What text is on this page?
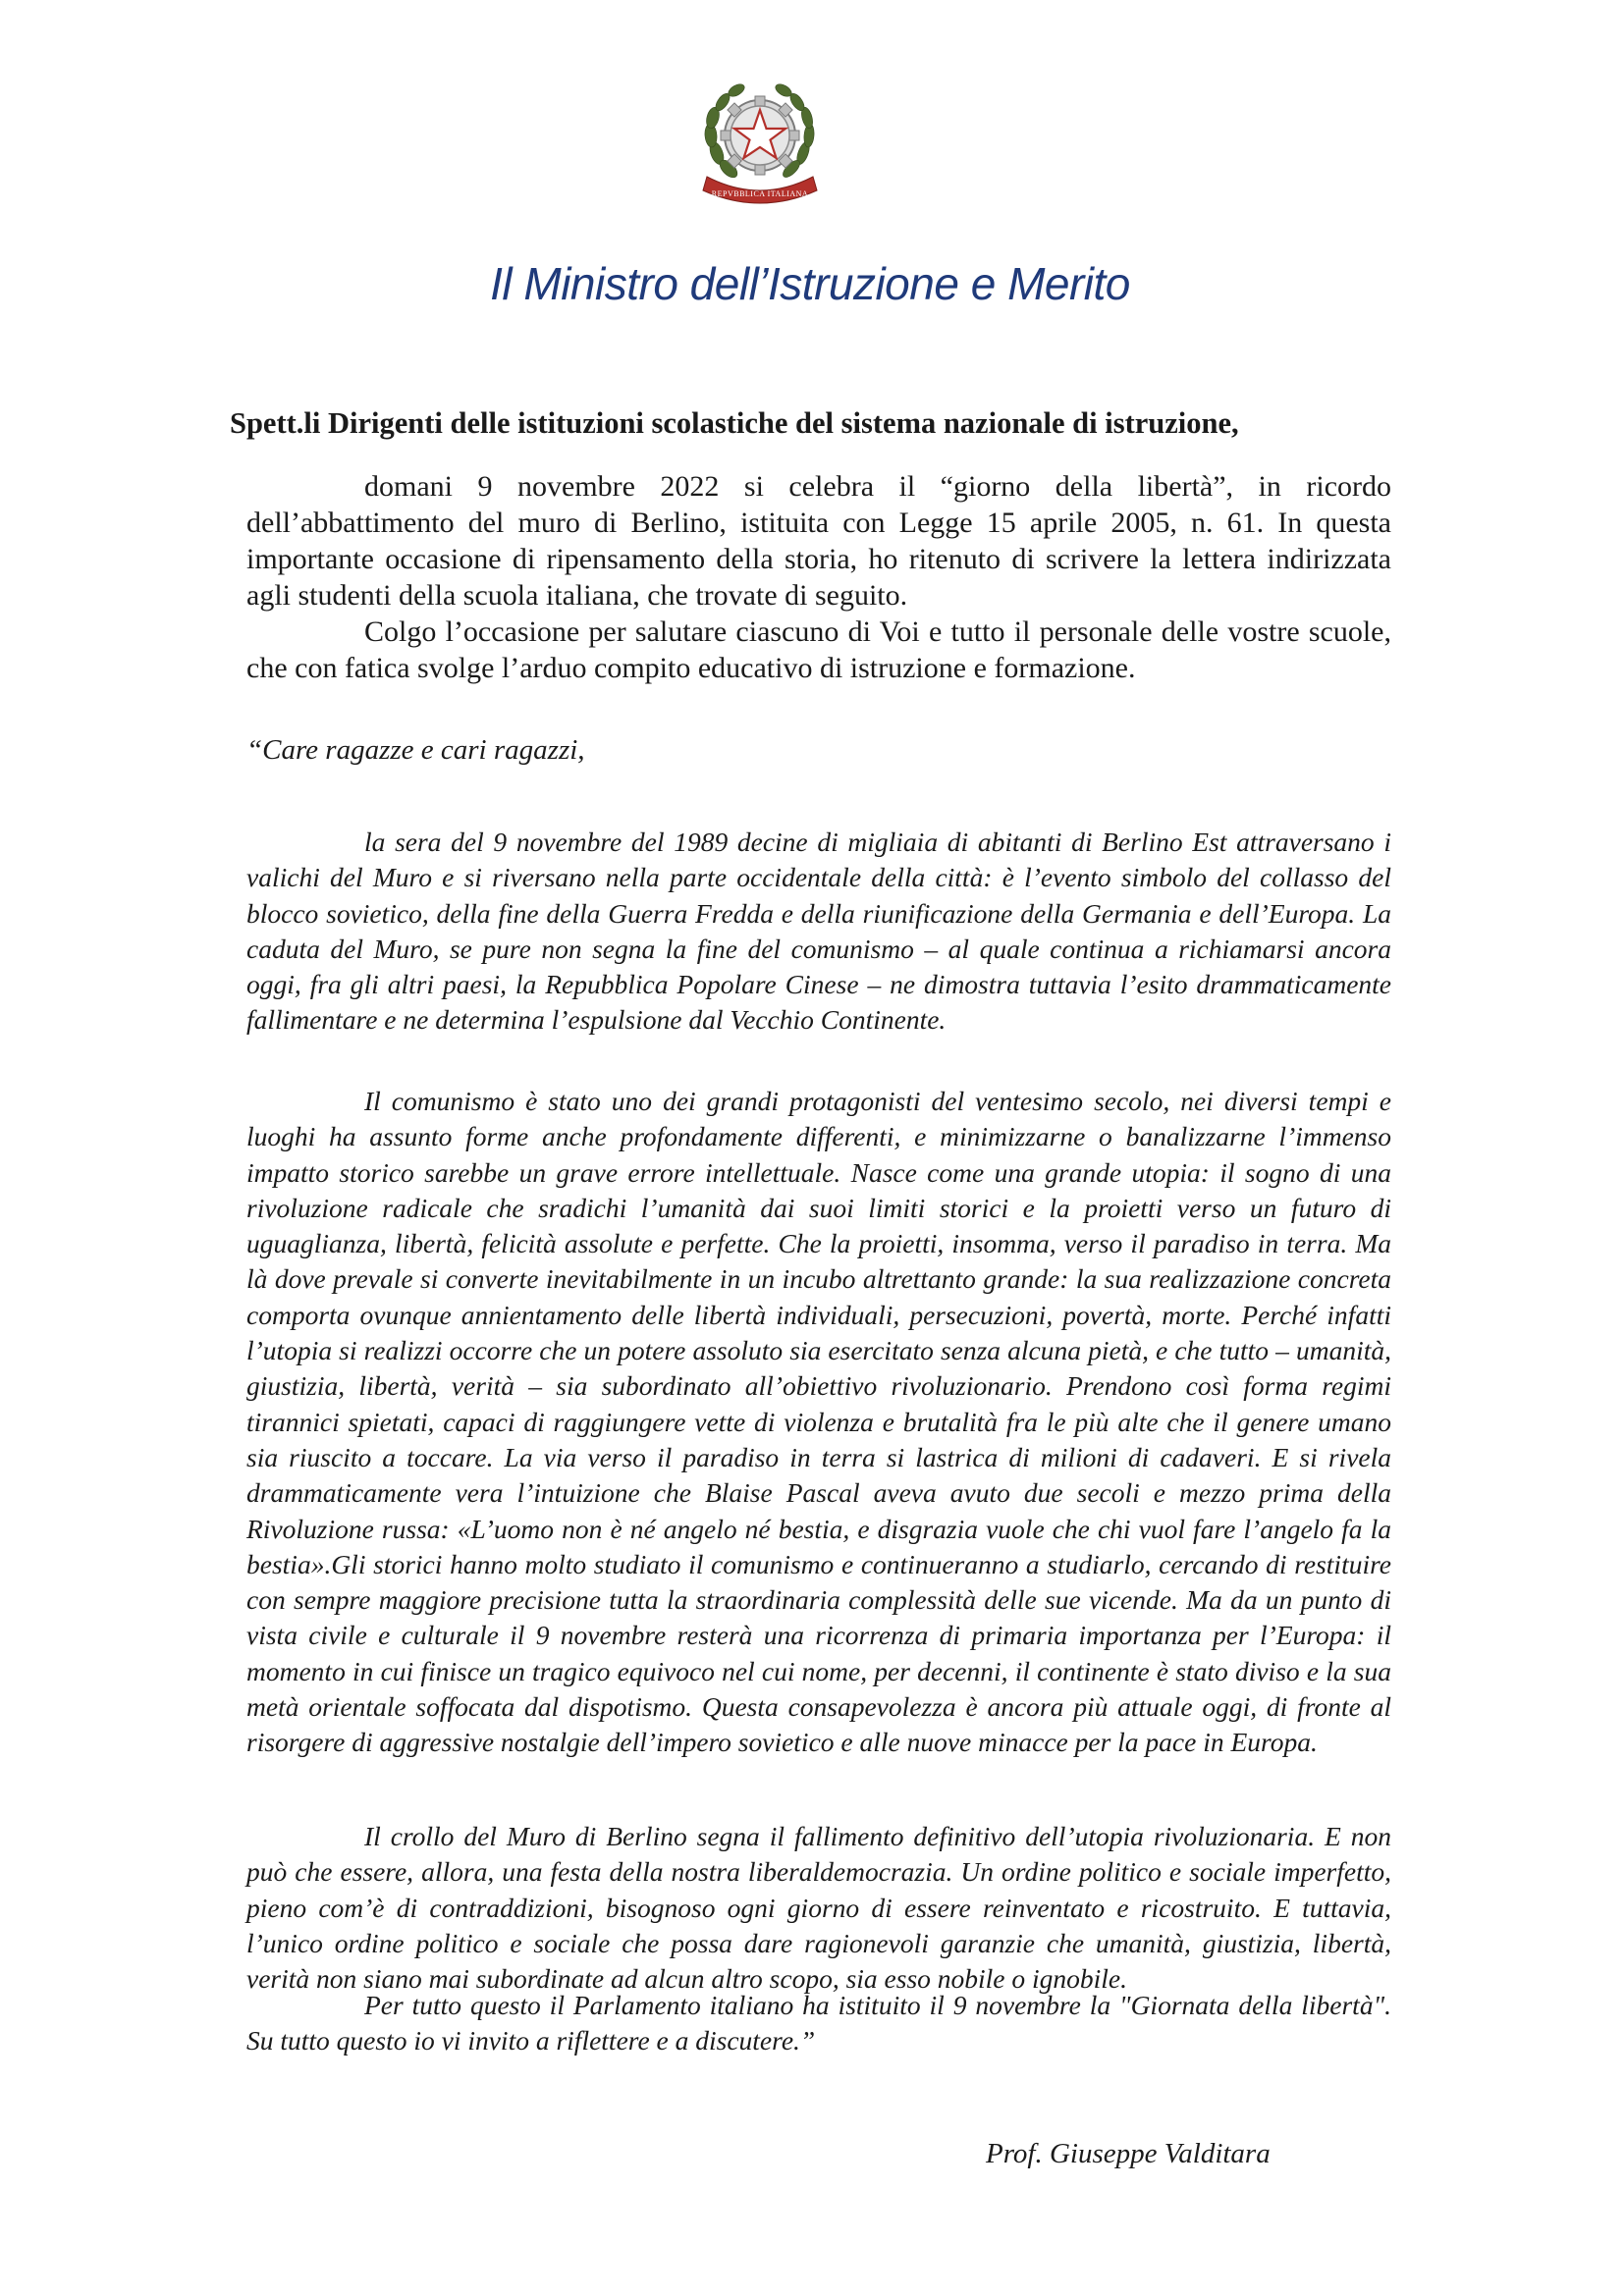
REPVBBLICA ITALIANA
Il Ministro dell’Istruzione e Merito
Spett.li Dirigenti delle istituzioni scolastiche del sistema nazionale di istruzione,

domani 9 novembre 2022 si celebra il “giorno della libertà”, in ricordo dell’abbattimento del muro di Berlino, istituita con Legge 15 aprile 2005, n. 61. In questa importante occasione di ripensamento della storia, ho ritenuto di scrivere la lettera indirizzata agli studenti della scuola italiana, che trovate di seguito.

Colgo l’occasione per salutare ciascuno di Voi e tutto il personale delle vostre scuole, che con fatica svolge l’arduo compito educativo di istruzione e formazione.

“Care ragazze e cari ragazzi,

la sera del 9 novembre del 1989 decine di migliaia di abitanti di Berlino Est attraversano i valichi del Muro e si riversano nella parte occidentale della città: è l’evento simbolo del collasso del blocco sovietico, della fine della Guerra Fredda e della riunificazione della Germania e dell’Europa. La caduta del Muro, se pure non segna la fine del comunismo – al quale continua a richiamarsi ancora oggi, fra gli altri paesi, la Repubblica Popolare Cinese – ne dimostra tuttavia l’esito drammaticamente fallimentare e ne determina l’espulsione dal Vecchio Continente.

Il comunismo è stato uno dei grandi protagonisti del ventesimo secolo, nei diversi tempi e luoghi ha assunto forme anche profondamente differenti, e minimizzarne o banalizzarne l’immenso impatto storico sarebbe un grave errore intellettuale. Nasce come una grande utopia: il sogno di una rivoluzione radicale che sradichi l’umanità dai suoi limiti storici e la proietti verso un futuro di uguaglianza, libertà, felicità assolute e perfette. Che la proietti, insomma, verso il paradiso in terra. Ma là dove prevale si converte inevitabilmente in un incubo altrettanto grande: la sua realizzazione concreta comporta ovunque annientamento delle libertà individuali, persecuzioni, povertà, morte. Perché infatti l’utopia si realizzi occorre che un potere assoluto sia esercitato senza alcuna pietà, e che tutto – umanità, giustizia, libertà, verità – sia subordinato all’obiettivo rivoluzionario. Prendono così forma regimi tirannici spietati, capaci di raggiungere vette di violenza e brutalità fra le più alte che il genere umano sia riuscito a toccare. La via verso il paradiso in terra si lastrica di milioni di cadaveri. E si rivela drammaticamente vera l’intuizione che Blaise Pascal aveva avuto due secoli e mezzo prima della Rivoluzione russa: «L’uomo non è né angelo né bestia, e disgrazia vuole che chi vuol fare l’angelo fa la bestia».Gli storici hanno molto studiato il comunismo e continueranno a studiarlo, cercando di restituire con sempre maggiore precisione tutta la straordinaria complessità delle sue vicende. Ma da un punto di vista civile e culturale il 9 novembre resterà una ricorrenza di primaria importanza per l’Europa: il momento in cui finisce un tragico equivoco nel cui nome, per decenni, il continente è stato diviso e la sua metà orientale soffocata dal dispotismo. Questa consapevolezza è ancora più attuale oggi, di fronte al risorgere di aggressive nostalgie dell’impero sovietico e alle nuove minacce per la pace in Europa.

Il crollo del Muro di Berlino segna il fallimento definitivo dell’utopia rivoluzionaria. E non può che essere, allora, una festa della nostra liberaldemocrazia. Un ordine politico e sociale imperfetto, pieno com’è di contraddizioni, bisognoso ogni giorno di essere reinventato e ricostruito. E tuttavia, l’unico ordine politico e sociale che possa dare ragionevoli garanzie che umanità, giustizia, libertà, verità non siano mai subordinate ad alcun altro scopo, sia esso nobile o ignobile.

Per tutto questo il Parlamento italiano ha istituito il 9 novembre la "Giornata della libertà". Su tutto questo io vi invito a riflettere e a discutere.”

Prof. Giuseppe Valditara
